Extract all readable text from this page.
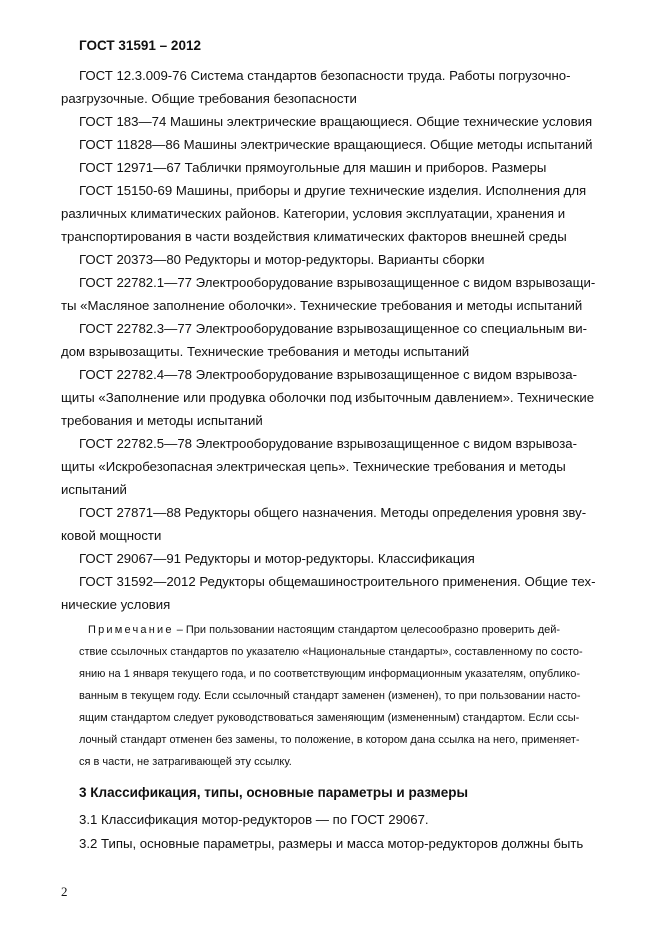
ГОСТ 31591 – 2012
ГОСТ 12.3.009-76 Система стандартов безопасности труда. Работы погрузочно-
разгрузочные. Общие требования безопасности
ГОСТ 183—74 Машины электрические вращающиеся. Общие технические условия
ГОСТ 11828—86 Машины электрические вращающиеся. Общие методы испытаний
ГОСТ 12971—67 Таблички прямоугольные для машин и приборов. Размеры
ГОСТ 15150-69 Машины, приборы и другие технические изделия. Исполнения для
различных климатических районов. Категории, условия эксплуатации, хранения и
транспортирования в части воздействия климатических факторов внешней среды
ГОСТ 20373—80 Редукторы и мотор-редукторы. Варианты сборки
ГОСТ 22782.1—77 Электрооборудование взрывозащищенное с видом взрывозащи-
ты «Масляное заполнение оболочки». Технические требования и методы испытаний
ГОСТ 22782.3—77 Электрооборудование взрывозащищенное со специальным ви-
дом взрывозащиты. Технические требования и методы испытаний
ГОСТ 22782.4—78 Электрооборудование взрывозащищенное с видом взрывоза-
щиты «Заполнение или продувка оболочки под избыточным давлением». Технические
требования и методы испытаний
ГОСТ 22782.5—78 Электрооборудование взрывозащищенное с видом взрывоза-
щиты «Искробезопасная электрическая цепь». Технические требования и методы
испытаний
ГОСТ 27871—88 Редукторы общего назначения. Методы определения уровня зву-
ковой мощности
ГОСТ 29067—91 Редукторы и мотор-редукторы. Классификация
ГОСТ 31592—2012 Редукторы общемашиностроительного применения. Общие тех-
нические условия
Примечание – При пользовании настоящим стандартом целесообразно проверить дей-
ствие ссылочных стандартов по указателю «Национальные стандарты», составленному по состо-
янию на 1 января текущего года, и по соответствующим информационным указателям, опублико-
ванным в текущем году. Если ссылочный стандарт заменен (изменен), то при пользовании насто-
ящим стандартом следует руководствоваться заменяющим (измененным) стандартом. Если ссы-
лочный стандарт отменен без замены, то положение, в котором дана ссылка на него, применяет-
ся в части, не затрагивающей эту ссылку.
3 Классификация, типы, основные параметры и размеры
3.1 Классификация мотор-редукторов — по ГОСТ 29067.
3.2 Типы, основные параметры, размеры и масса мотор-редукторов должны быть
2
